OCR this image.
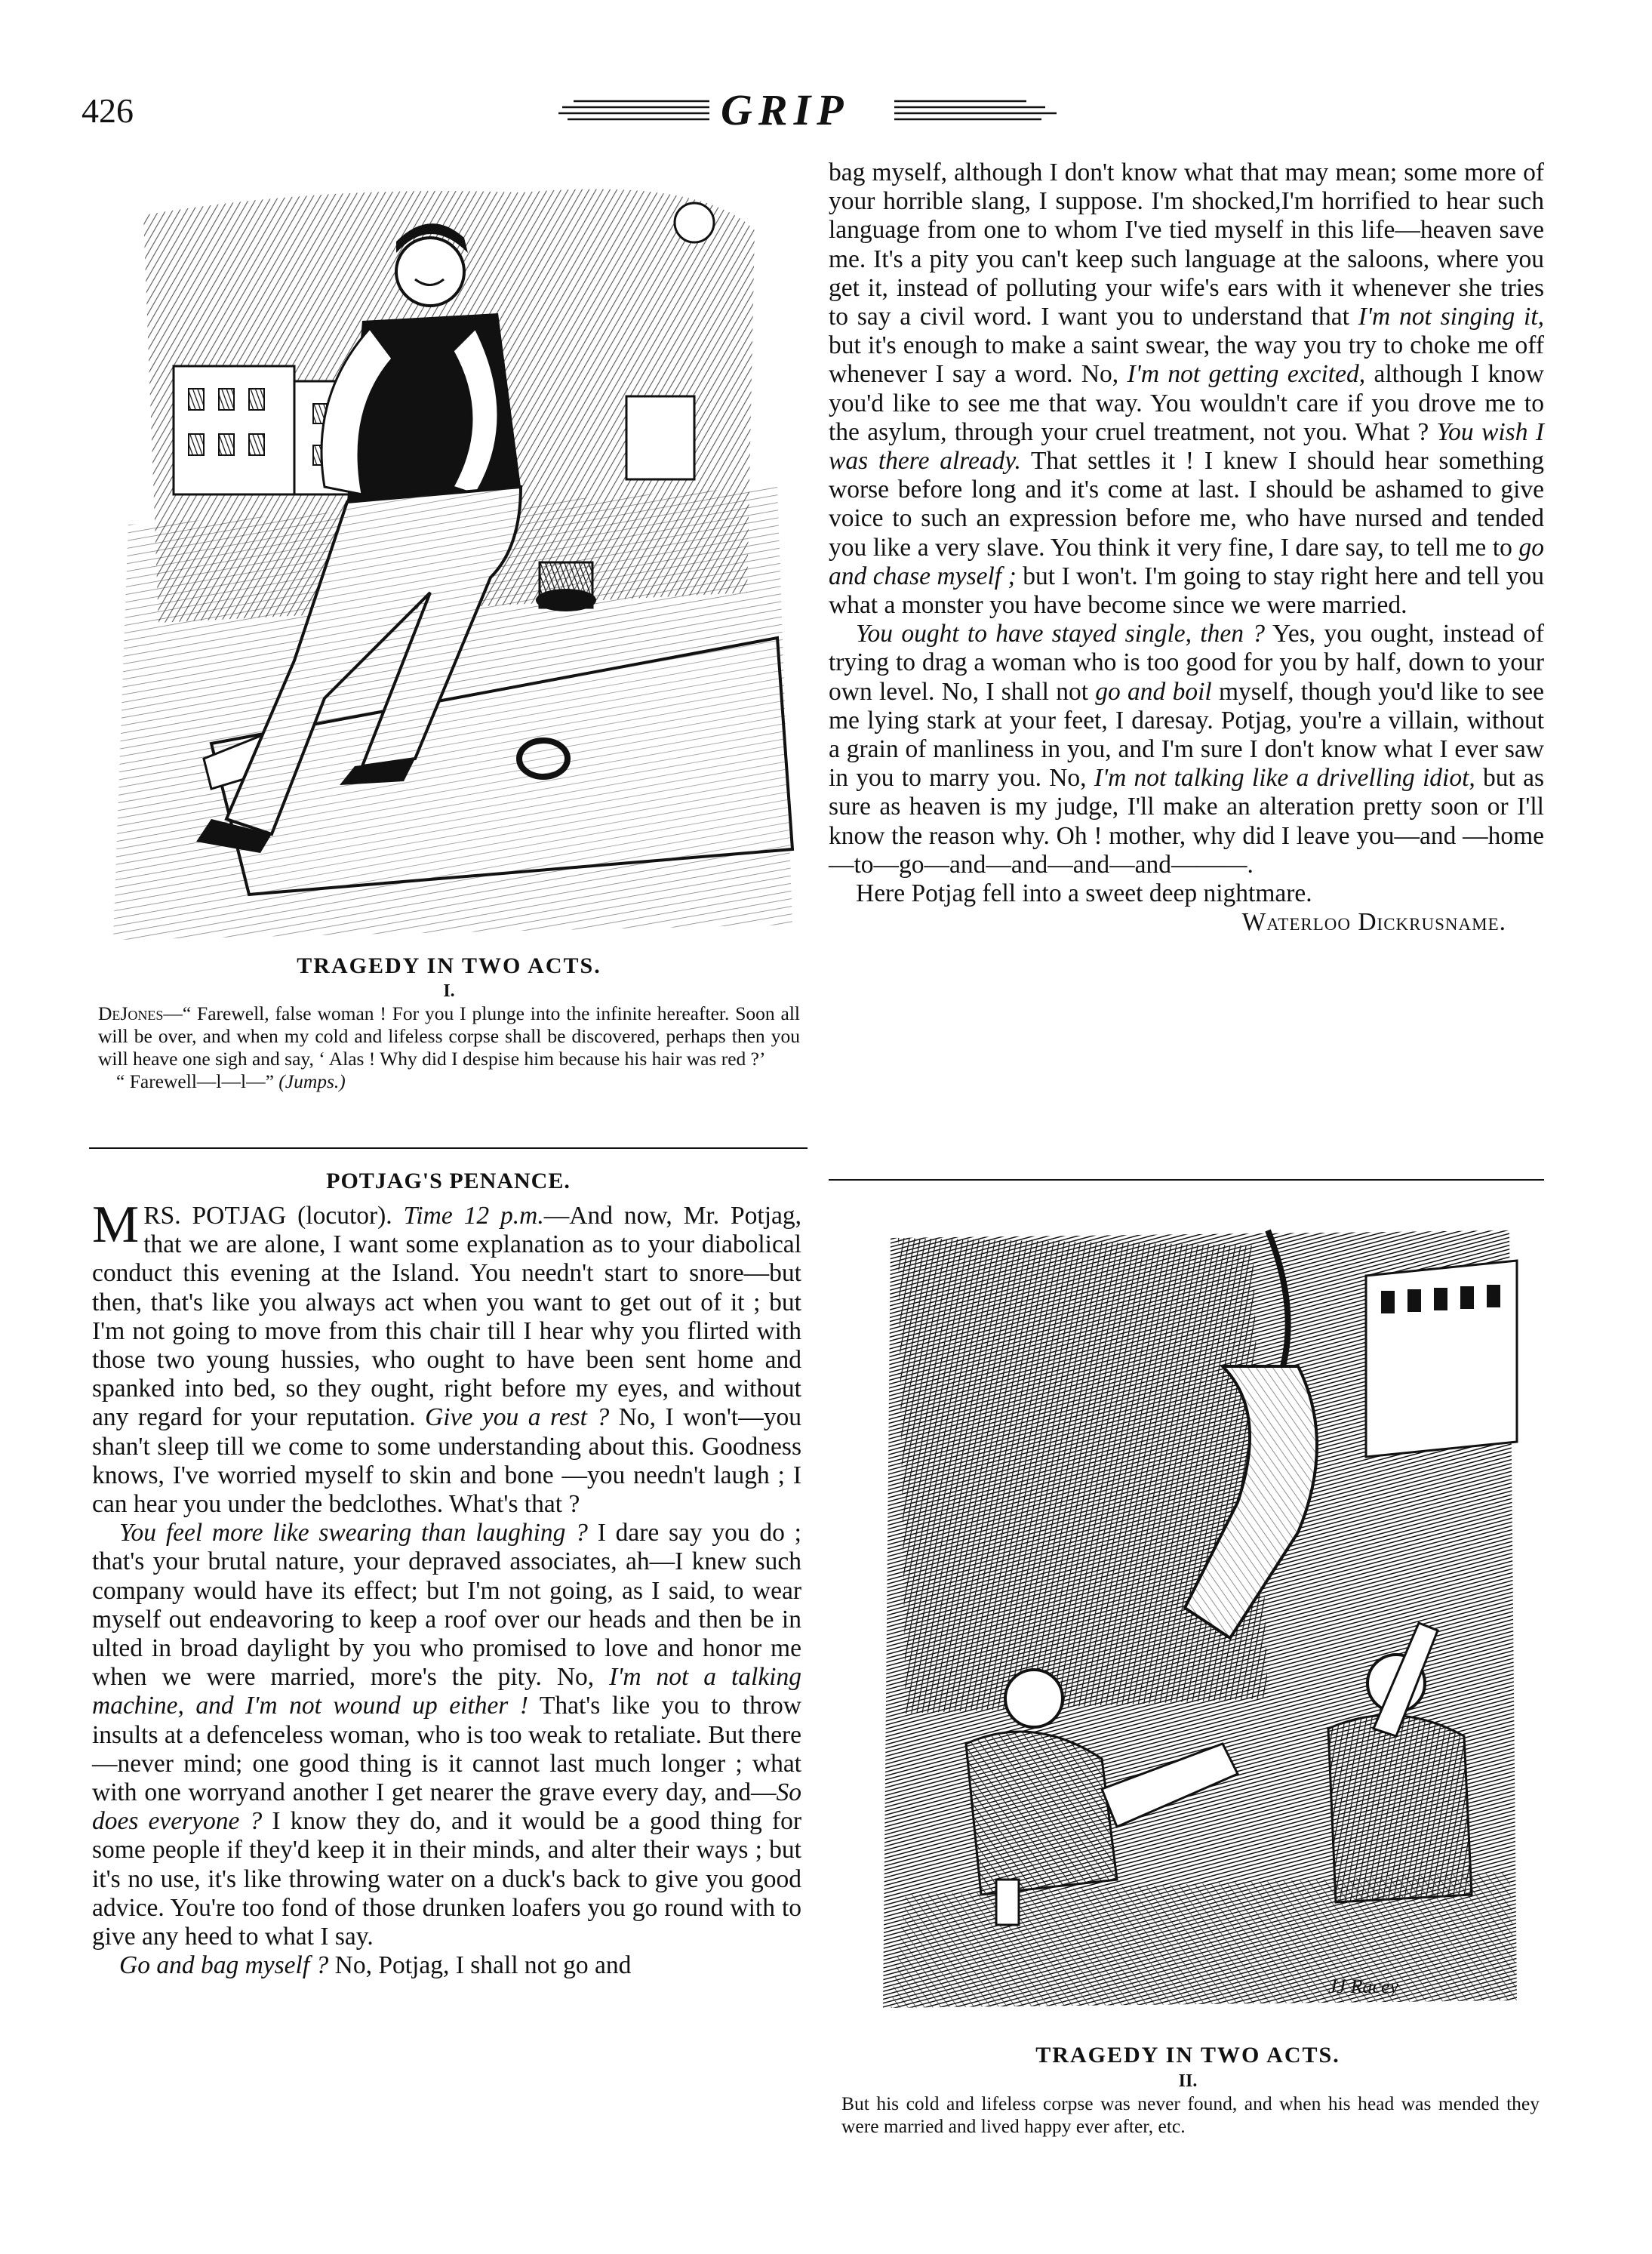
426	GRIP
TRAGEDY IN TWO ACTS.
I.
DeJones—“ Farewell, false woman ! For you I plunge into the infinite hereafter. Soon all will be over, and when my cold and lifeless corpse shall be discovered, perhaps then you will heave one sigh and say, ‘ Alas ! Why did I despise him because his hair was red ?’
“ Farewell—l—l—” (Jumps.)
POTJAG'S PENANCE.

MRS. POTJAG (locutor). Time 12 p.m.—And now, Mr. Potjag, that we are alone, I want some explanation as to your diabolical conduct this evening at the Island. You needn't start to snore—but then, that's like you always act when you want to get out of it ; but I'm not going to move from this chair till I hear why you flirted with those two young hussies, who ought to have been sent home and spanked into bed, so they ought, right before my eyes, and without any regard for your reputation. Give you a rest ? No, I won't—you shan't sleep till we come to some understanding about this. Goodness knows, I've worried myself to skin and bone —you needn't laugh ; I can hear you under the bedclothes. What's that ?

You feel more like swearing than laughing ? I dare say you do ; that's your brutal nature, your depraved associates, ah—I knew such company would have its effect; but I'm not going, as I said, to wear myself out endeavoring to keep a roof over our heads and then be in ulted in broad daylight by you who promised to love and honor me when we were married, more's the pity. No, I'm not a talking machine, and I'm not wound up either ! That's like you to throw insults at a defenceless woman, who is too weak to retaliate. But there—never mind; one good thing is it cannot last much longer ; what with one worryand another I get nearer the grave every day, and—So does everyone ? I know they do, and it would be a good thing for some people if they'd keep it in their minds, and alter their ways ; but it's no use, it's like throwing water on a duck's back to give you good advice. You're too fond of those drunken loafers you go round with to give any heed to what I say.

Go and bag myself ? No, Potjag, I shall not go and

bag myself, although I don't know what that may mean; some more of your horrible slang, I suppose. I'm shocked,I'm horrified to hear such language from one to whom I've tied myself in this life—heaven save me. It's a pity you can't keep such language at the saloons, where you get it, instead of polluting your wife's ears with it whenever she tries to say a civil word. I want you to understand that I'm not singing it, but it's enough to make a saint swear, the way you try to choke me off whenever I say a word. No, I'm not getting excited, although I know you'd like to see me that way. You wouldn't care if you drove me to the asylum, through your cruel treatment, not you. What ? You wish I was there already. That settles it ! I knew I should hear something worse before long and it's come at last. I should be ashamed to give voice to such an expression before me, who have nursed and tended you like a very slave. You think it very fine, I dare say, to tell me to go and chase myself ; but I won't. I'm going to stay right here and tell you what a monster you have become since we were married.

You ought to have stayed single, then ? Yes, you ought, instead of trying to drag a woman who is too good for you by half, down to your own level. No, I shall not go and boil myself, though you'd like to see me lying stark at your feet, I daresay. Potjag, you're a villain, without a grain of manliness in you, and I'm sure I don't know what I ever saw in you to marry you. No, I'm not talking like a drivelling idiot, but as sure as heaven is my judge, I'll make an alteration pretty soon or I'll know the reason why. Oh ! mother, why did I leave you—and —home—to—go—and—and—and—and———.

Here Potjag fell into a sweet deep nightmare.

Waterloo Dickrusname.

JJ Racey
TRAGEDY IN TWO ACTS.
II.
But his cold and lifeless corpse was never found, and when his head was mended they were married and lived happy ever after, etc.
